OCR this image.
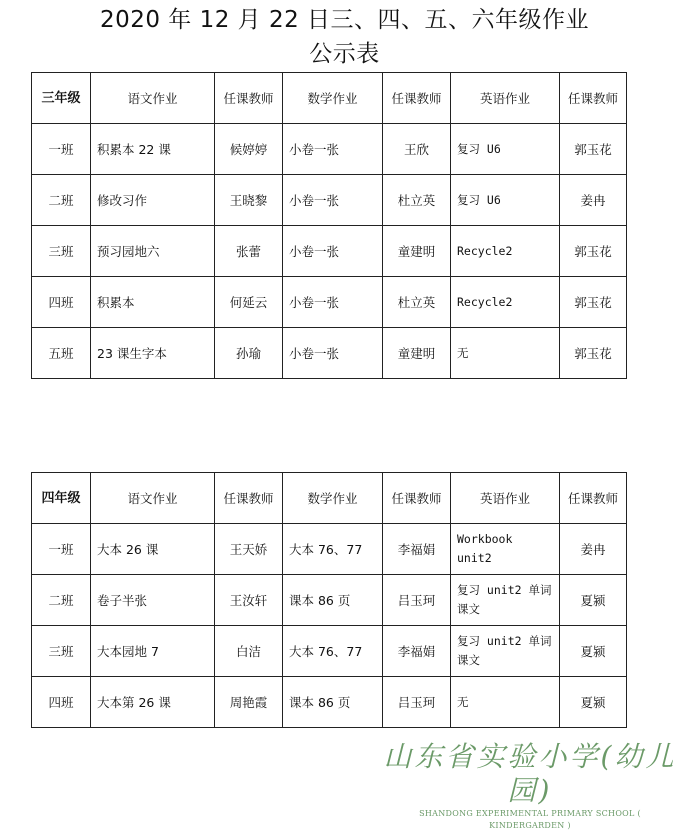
2020 年 12 月 22 日三、四、五、六年级作业
公示表
三年级	语文作业	任课教师	数学作业	任课教师	英语作业	任课教师
一班	积累本 22 课	候婷婷	小卷一张	王欣	复习 U6	郭玉花
二班	修改习作	王晓黎	小卷一张	杜立英	复习 U6	姜冉
三班	预习园地六	张蕾	小卷一张	童建明	Recycle2	郭玉花
四班	积累本	何延云	小卷一张	杜立英	Recycle2	郭玉花
五班	23 课生字本	孙瑜	小卷一张	童建明	无	郭玉花
四年级	语文作业	任课教师	数学作业	任课教师	英语作业	任课教师
一班	大本 26 课	王天娇	大本 76、77	李福娟	Workbook unit2	姜冉
二班	卷子半张	王汝轩	课本 86 页	吕玉珂	复习 unit2 单词课文	夏颍
三班	大本园地 7	白洁	大本 76、77	李福娟	复习 unit2 单词课文	夏颍
四班	大本第 26 课	周艳霞	课本 86 页	吕玉珂	无	夏颍
山东省实验小学(幼儿园)
SHANDONG EXPERIMENTAL PRIMARY SCHOOL ( KINDERGARDEN )
